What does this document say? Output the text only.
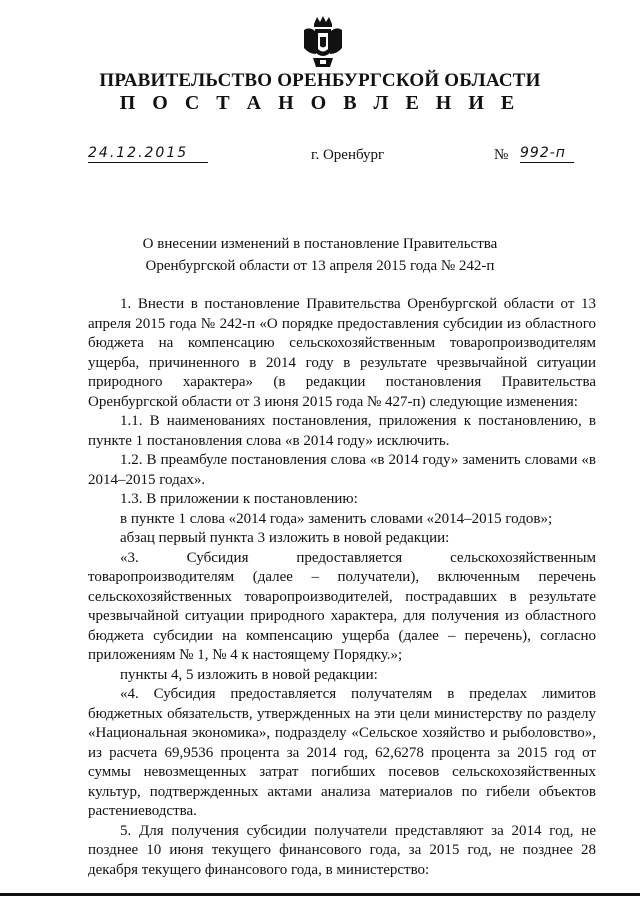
ПРАВИТЕЛЬСТВО ОРЕНБУРГСКОЙ ОБЛАСТИ
П О С Т А Н О В Л Е Н И Е
24.12.2015	г. Оренбург	№ 992-п
О внесении изменений в постановление Правительства
Оренбургской области от 13 апреля 2015 года № 242-п

1. Внести в постановление Правительства Оренбургской области от 13 апреля 2015 года № 242-п «О порядке предоставления субсидии из областного бюджета на компенсацию сельскохозяйственным товаропроизводителям ущерба, причиненного в 2014 году в результате чрезвычайной ситуации природного характера» (в редакции постановления Правительства Оренбургской области от 3 июня 2015 года № 427-п) следующие изменения:

1.1. В наименованиях постановления, приложения к постановлению, в пункте 1 постановления слова «в 2014 году» исключить.

1.2. В преамбуле постановления слова «в 2014 году» заменить словами «в 2014–2015 годах».

1.3. В приложении к постановлению:

в пункте 1 слова «2014 года» заменить словами «2014–2015 годов»;

абзац первый пункта 3 изложить в новой редакции:

«3. Субсидия предоставляется сельскохозяйственным товаропроизводителям (далее – получатели), включенным перечень сельскохозяйственных товаропроизводителей, пострадавших в результате чрезвычайной ситуации природного характера, для получения из областного бюджета субсидии на компенсацию ущерба (далее – перечень), согласно приложениям № 1, № 4 к настоящему Порядку.»;

пункты 4, 5 изложить в новой редакции:

«4. Субсидия предоставляется получателям в пределах лимитов бюджетных обязательств, утвержденных на эти цели министерству по разделу «Национальная экономика», подразделу «Сельское хозяйство и рыболовство», из расчета 69,9536 процента за 2014 год, 62,6278 процента за 2015 год от суммы невозмещенных затрат погибших посевов сельскохозяйственных культур, подтвержденных актами анализа материалов по гибели объектов растениеводства.

5. Для получения субсидии получатели представляют за 2014 год, не позднее 10 июня текущего финансового года, за 2015 год, не позднее 28 декабря текущего финансового года, в министерство:
